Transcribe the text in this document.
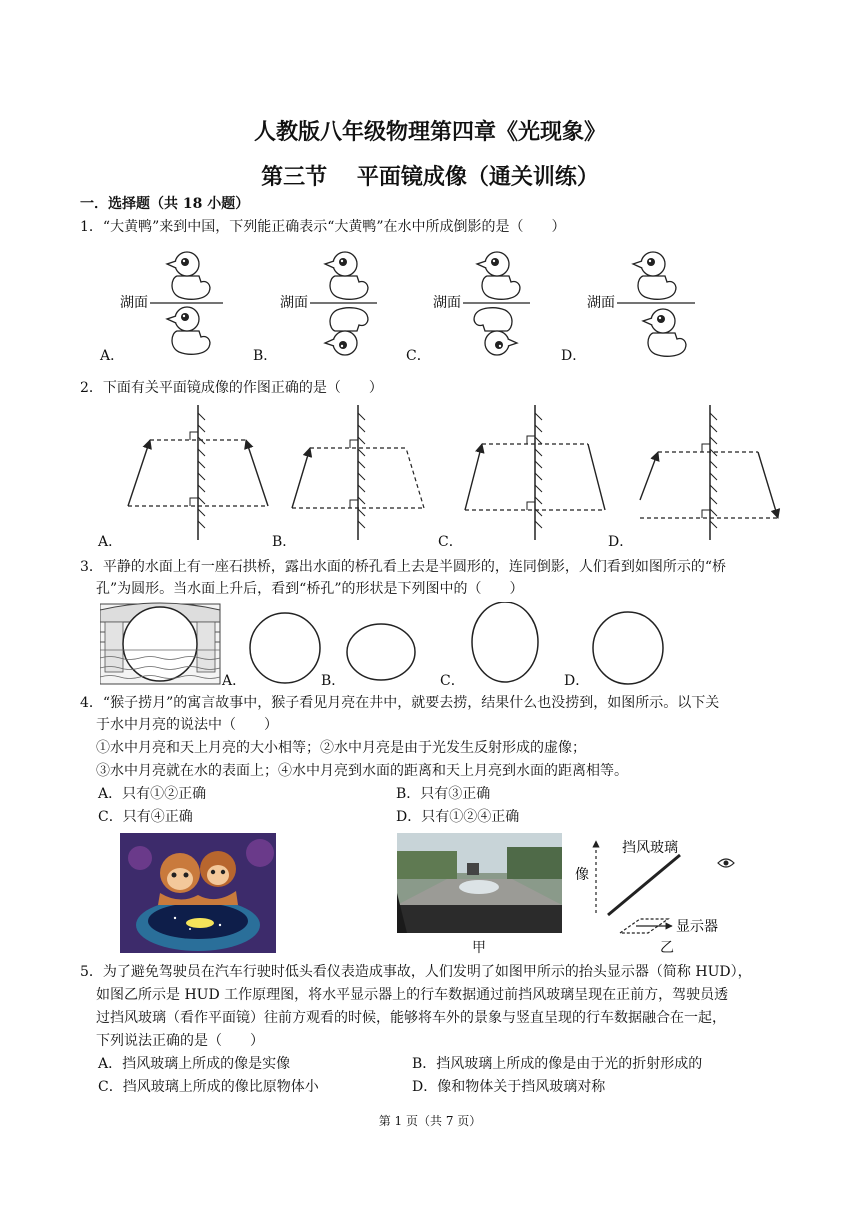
人教版八年级物理第四章《光现象》
第三节　 平面镜成像（通关训练）
一．选择题（共 18 小题）
1．“大黄鸭”来到中国，下列能正确表示“大黄鸭”在水中所成倒影的是（　　）
湖面	湖面	湖面	湖面
A．	B．	C．	D．
2．下面有关平面镜成像的作图正确的是（　　）
A．	B．	C．	D．
3．平静的水面上有一座石拱桥，露出水面的桥孔看上去是半圆形的，连同倒影，人们看到如图所示的“桥
孔”为圆形。当水面上升后，看到“桥孔”的形状是下列图中的（　　）
A．	B．	C．	D．
4．“猴子捞月”的寓言故事中，猴子看见月亮在井中，就要去捞，结果什么也没捞到，如图所示。以下关
于水中月亮的说法中（　　）
①水中月亮和天上月亮的大小相等；②水中月亮是由于光发生反射形成的虚像；
③水中月亮就在水的表面上；④水中月亮到水面的距离和天上月亮到水面的距离相等。
A．只有①②正确	B．只有③正确
C．只有④正确	D．只有①②④正确
甲
像
挡风玻璃
显示器
乙
5．为了避免驾驶员在汽车行驶时低头看仪表造成事故，人们发明了如图甲所示的抬头显示器（简称 HUD），
如图乙所示是 HUD 工作原理图，将水平显示器上的行车数据通过前挡风玻璃呈现在正前方，驾驶员透
过挡风玻璃（看作平面镜）往前方观看的时候，能够将车外的景象与竖直呈现的行车数据融合在一起，
下列说法正确的是（　　）
A．挡风玻璃上所成的像是实像	B．挡风玻璃上所成的像是由于光的折射形成的
C．挡风玻璃上所成的像比原物体小	D．像和物体关于挡风玻璃对称
第 1 页（共 7 页）
